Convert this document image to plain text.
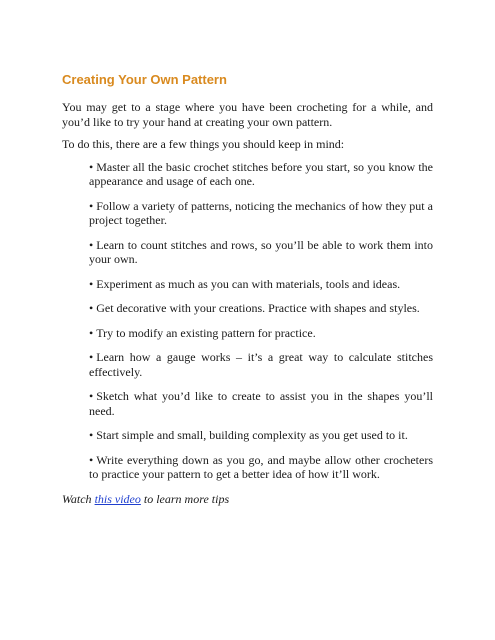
Creating Your Own Pattern

You may get to a stage where you have been crocheting for a while, and you’d like to try your hand at creating your own pattern.

To do this, there are a few things you should keep in mind:

• Master all the basic crochet stitches before you start, so you know the appearance and usage of each one.
• Follow a variety of patterns, noticing the mechanics of how they put a project together.
• Learn to count stitches and rows, so you’ll be able to work them into your own.
• Experiment as much as you can with materials, tools and ideas.
• Get decorative with your creations. Practice with shapes and styles.
• Try to modify an existing pattern for practice.
• Learn how a gauge works – it’s a great way to calculate stitches effectively.
• Sketch what you’d like to create to assist you in the shapes you’ll need.
• Start simple and small, building complexity as you get used to it.
• Write everything down as you go, and maybe allow other crocheters to practice your pattern to get a better idea of how it’ll work.

Watch this video to learn more tips
